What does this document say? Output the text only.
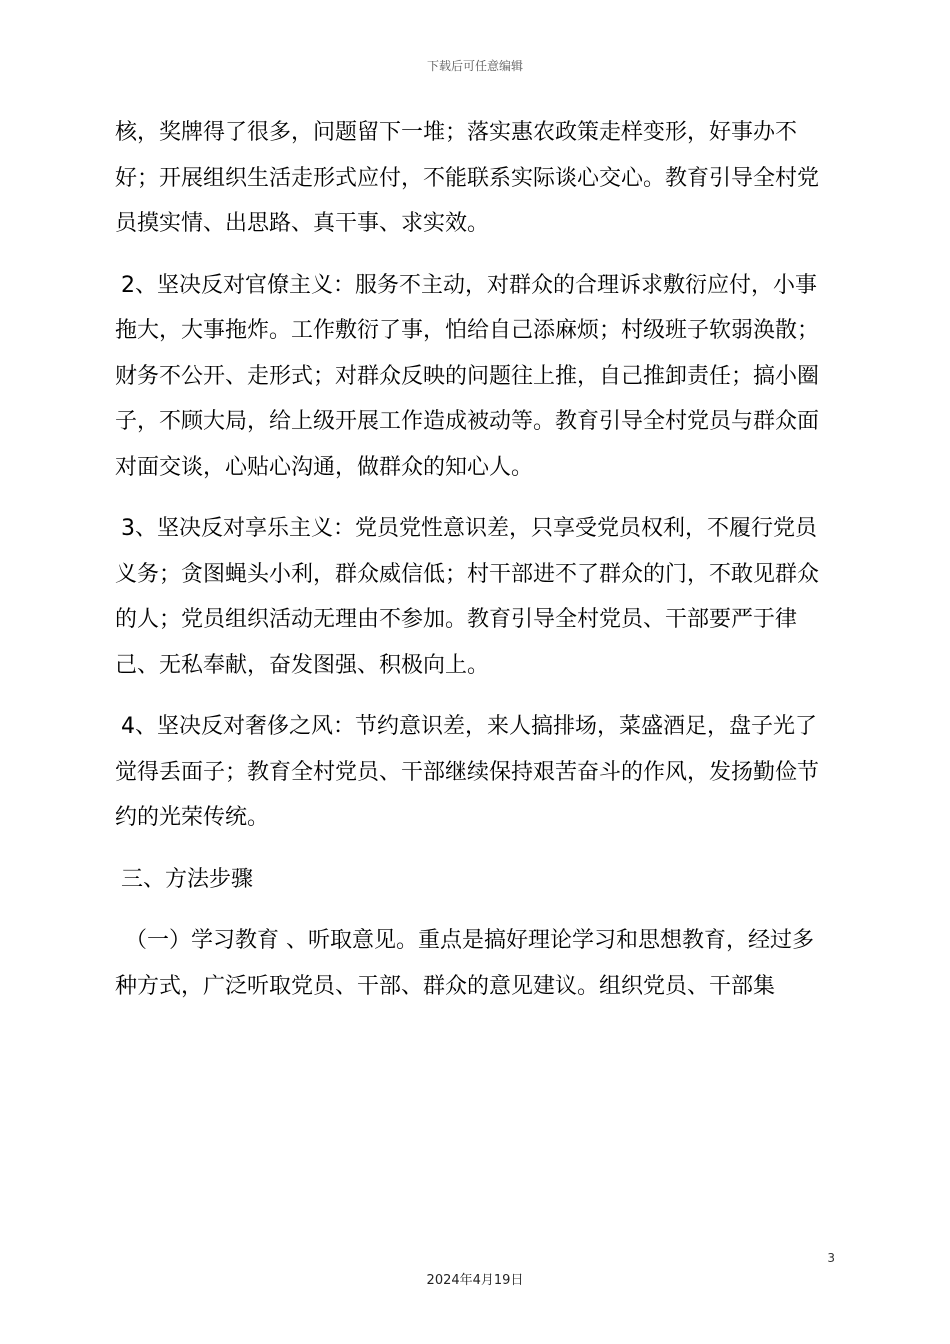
下载后可任意编辑

核，奖牌得了很多，问题留下一堆；落实惠农政策走样变形，好事办不好；开展组织生活走形式应付，不能联系实际谈心交心。教育引导全村党员摸实情、出思路、真干事、求实效。

2、坚决反对官僚主义：服务不主动，对群众的合理诉求敷衍应付，小事拖大，大事拖炸。工作敷衍了事，怕给自己添麻烦；村级班子软弱涣散；财务不公开、走形式；对群众反映的问题往上推，自己推卸责任；搞小圈子，不顾大局，给上级开展工作造成被动等。教育引导全村党员与群众面对面交谈，心贴心沟通，做群众的知心人。

3、坚决反对享乐主义：党员党性意识差，只享受党员权利，不履行党员义务；贪图蝇头小利，群众威信低；村干部进不了群众的门，不敢见群众的人；党员组织活动无理由不参加。教育引导全村党员、干部要严于律己、无私奉献，奋发图强、积极向上。

4、坚决反对奢侈之风：节约意识差，来人搞排场，菜盛酒足，盘子光了觉得丢面子；教育全村党员、干部继续保持艰苦奋斗的作风，发扬勤俭节约的光荣传统。

三、方法步骤

（一）学习教育 、听取意见。重点是搞好理论学习和思想教育，经过多种方式，广泛听取党员、干部、群众的意见建议。组织党员、干部集

3
2024年4月19日
